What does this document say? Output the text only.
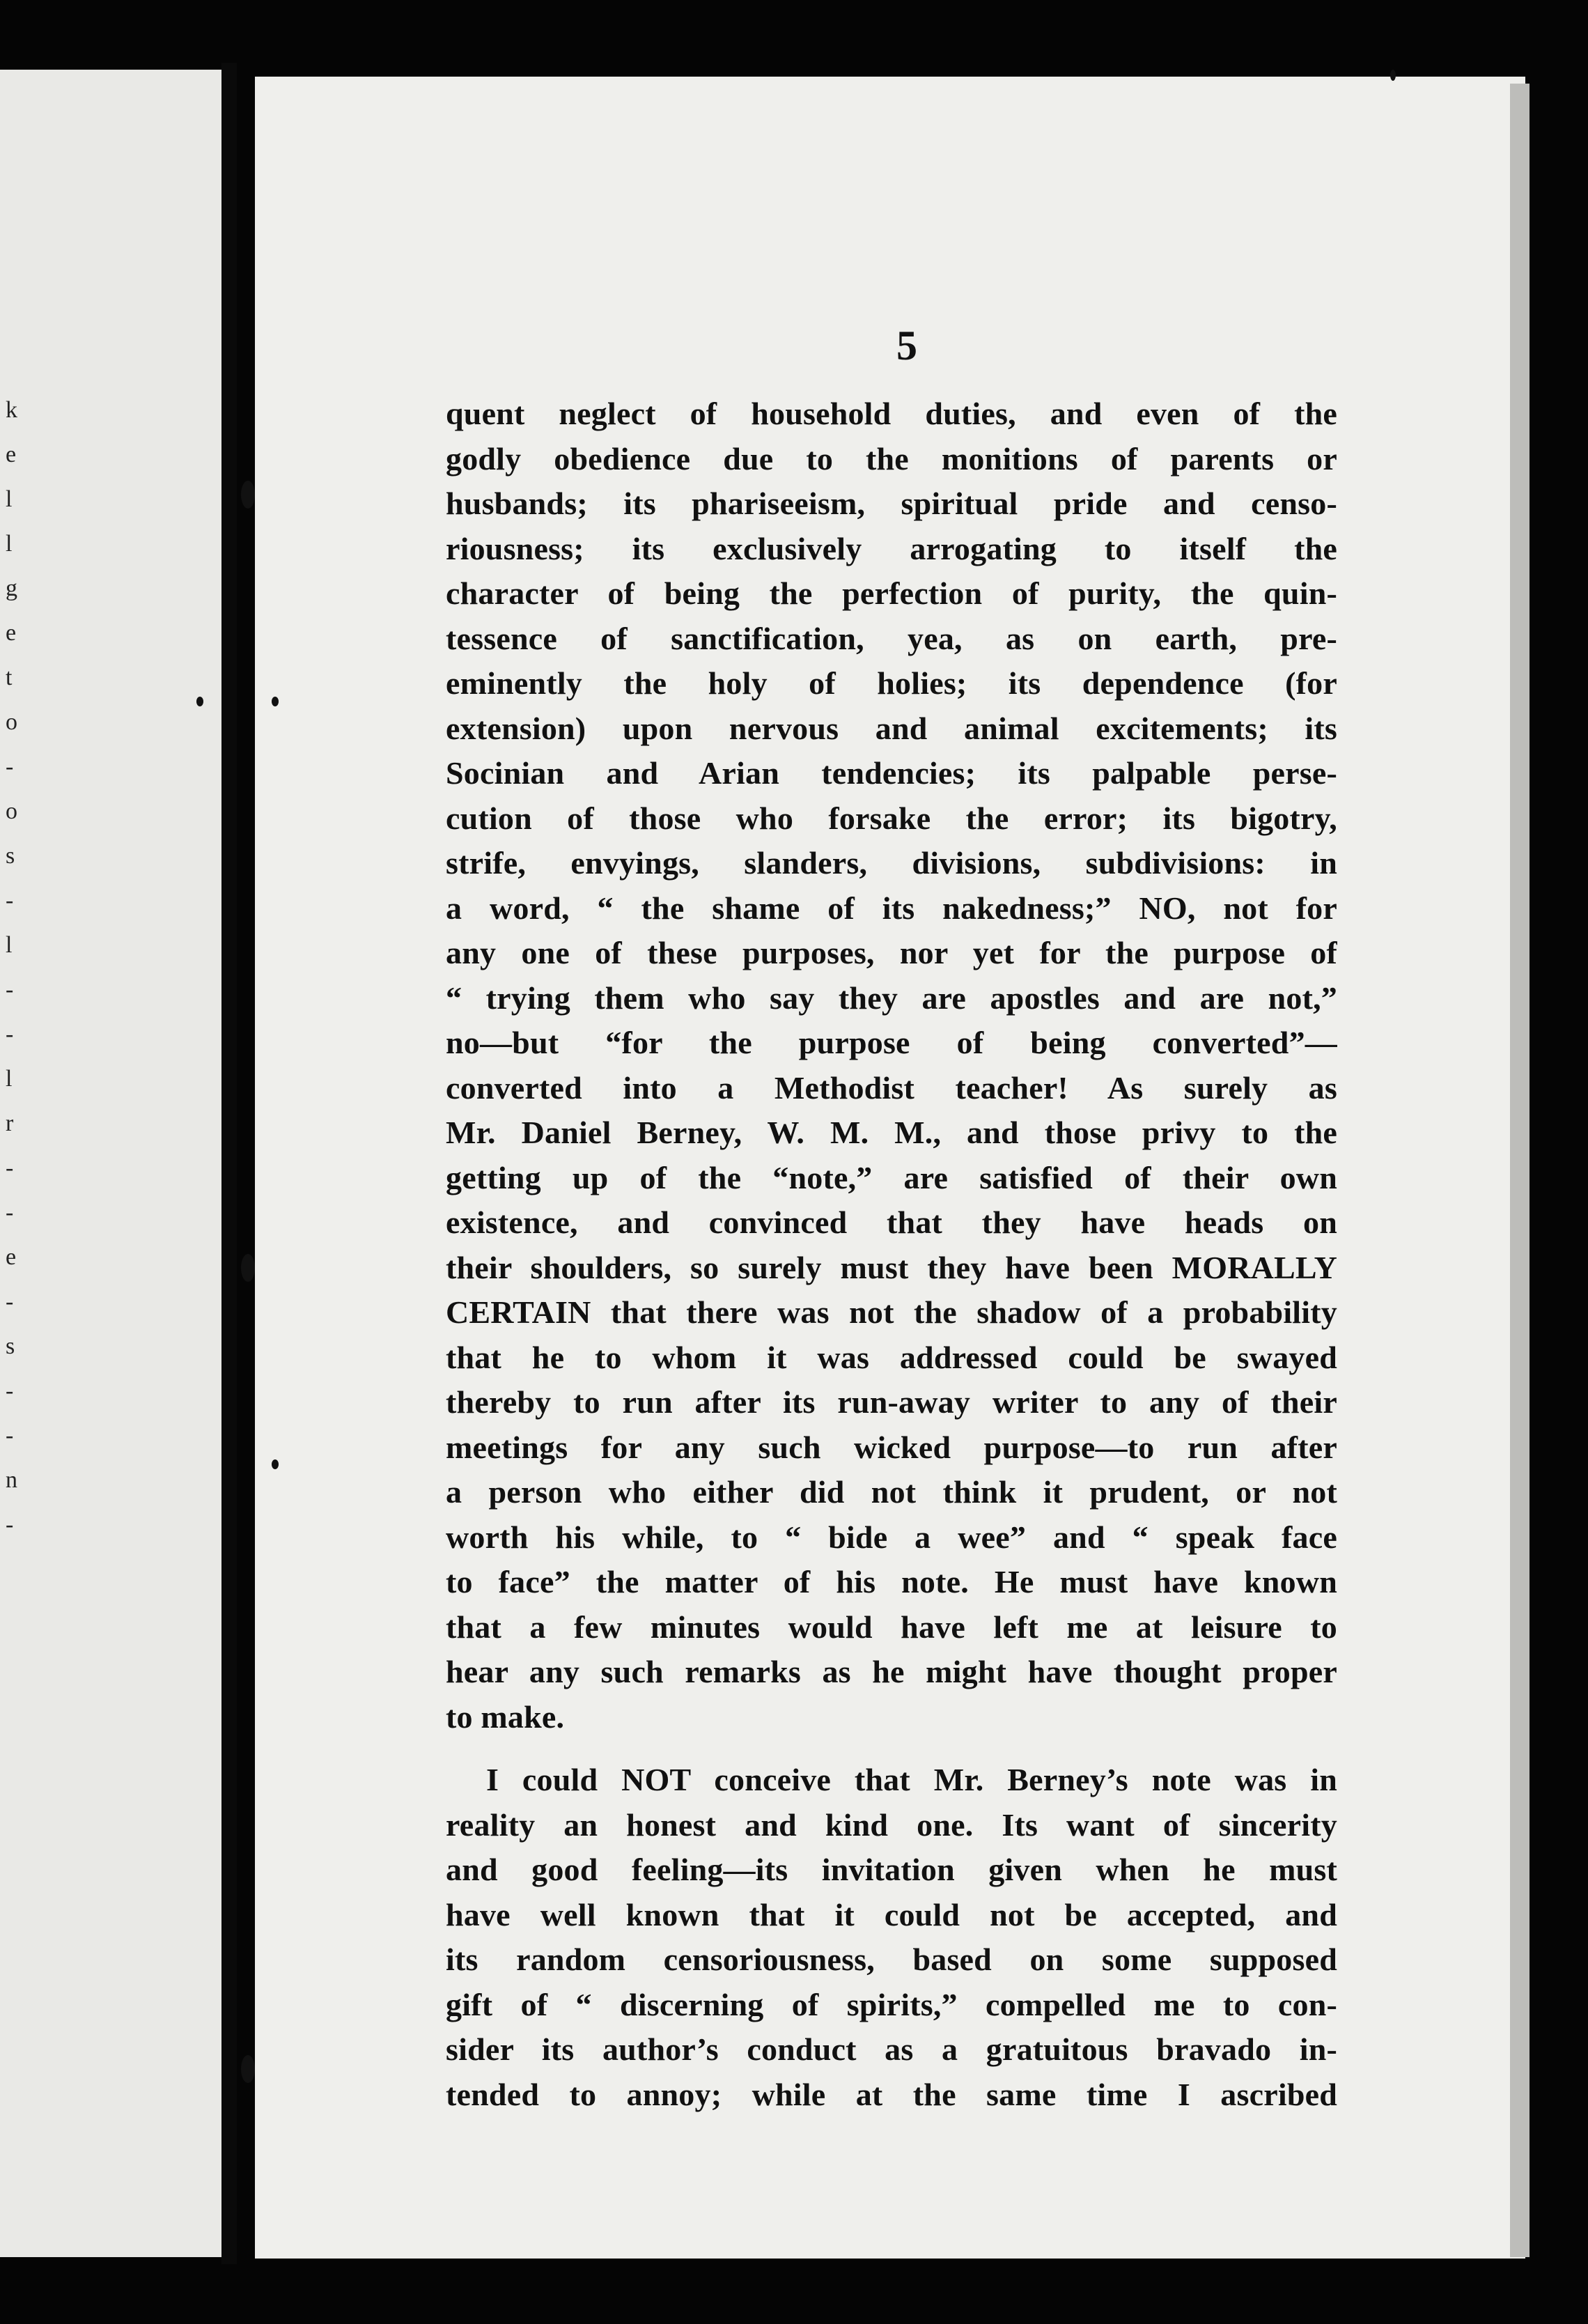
k
e
l
l
g
e
t
o
-
o
s
-
l
-
-
l
r
-
-
e
-
s
-
-
n
-
5
quent neglect of household duties, and even of the
godly obedience due to the monitions of parents or
husbands; its phariseeism, spiritual pride and censo-
riousness; its exclusively arrogating to itself the
character of being the perfection of purity, the quin-
tessence of sanctification, yea, as on earth, pre-
eminently the holy of holies; its dependence (for
extension) upon nervous and animal excitements; its
Socinian and Arian tendencies; its palpable perse-
cution of those who forsake the error; its bigotry,
strife, envyings, slanders, divisions, subdivisions: in
a word, “ the shame of its nakedness;” NO, not for
any one of these purposes, nor yet for the purpose of
“ trying them who say they are apostles and are not,”
no—but “for the purpose of being converted”—
converted into a Methodist teacher! As surely as
Mr. Daniel Berney, W. M. M., and those privy to the
getting up of the “note,” are satisfied of their own
existence, and convinced that they have heads on
their shoulders, so surely must they have been MORALLY
CERTAIN that there was not the shadow of a probability
that he to whom it was addressed could be swayed
thereby to run after its run-away writer to any of their
meetings for any such wicked purpose—to run after
a person who either did not think it prudent, or not
worth his while, to “ bide a wee” and “ speak face
to face” the matter of his note. He must have known
that a few minutes would have left me at leisure to
hear any such remarks as he might have thought proper
to make.
I could NOT conceive that Mr. Berney’s note was in
reality an honest and kind one. Its want of sincerity
and good feeling—its invitation given when he must
have well known that it could not be accepted, and
its random censoriousness, based on some supposed
gift of “ discerning of spirits,” compelled me to con-
sider its author’s conduct as a gratuitous bravado in-
tended to annoy; while at the same time I ascribed
